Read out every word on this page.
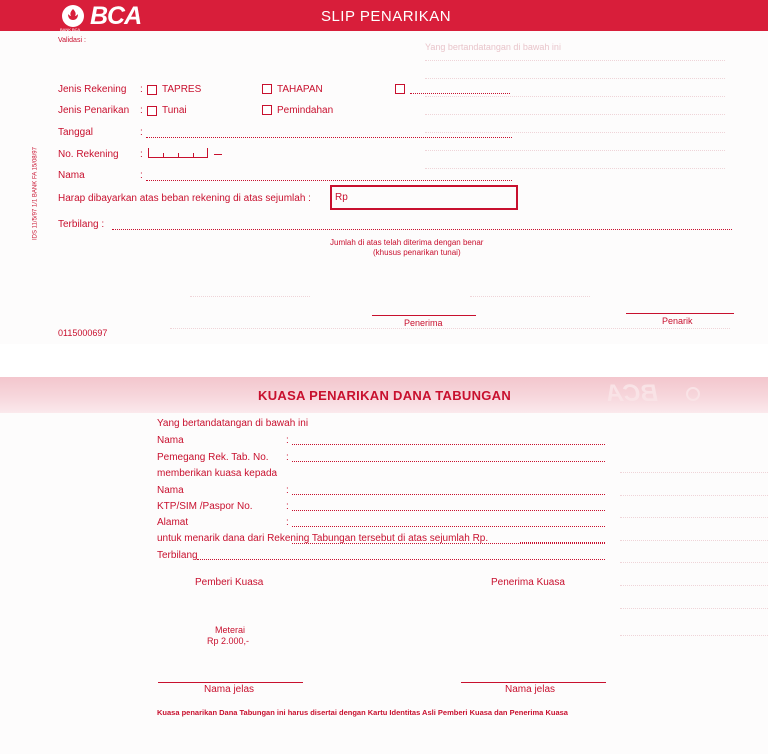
Yang bertandatangan di bawah ini
BANK BCA BCA	SLIP PENARIKAN
Validasi :
IDS 11/5/97 1/1 BANK FA 15/08/97
Jenis Rekening : TAPRES	TAHAPAN
Jenis Penarikan : Tunai	Pemindahan
Tanggal	:
No. Rekening :
Nama	:
Harap dibayarkan atas beban rekening di atas sejumlah : Rp
Terbilang :
Jumlah di atas telah diterima dengan benar
(khusus penarikan tunai)
Penerima	Penarik
0115000697
BCA
KUASA PENARIKAN DANA TABUNGAN
Yang bertandatangan di bawah ini
Nama	:
Pemegang Rek. Tab. No. :
memberikan kuasa kepada
Nama	:
KTP/SIM /Paspor No.	:
Alamat	:
untuk menarik dana dari Rekening Tabungan tersebut di atas sejumlah Rp.
Terbilang
Pemberi Kuasa	Penerima Kuasa
Meterai
Rp 2.000,-
Nama jelas	Nama jelas
Kuasa penarikan Dana Tabungan ini harus disertai dengan Kartu Identitas Asli Pemberi Kuasa dan Penerima Kuasa
